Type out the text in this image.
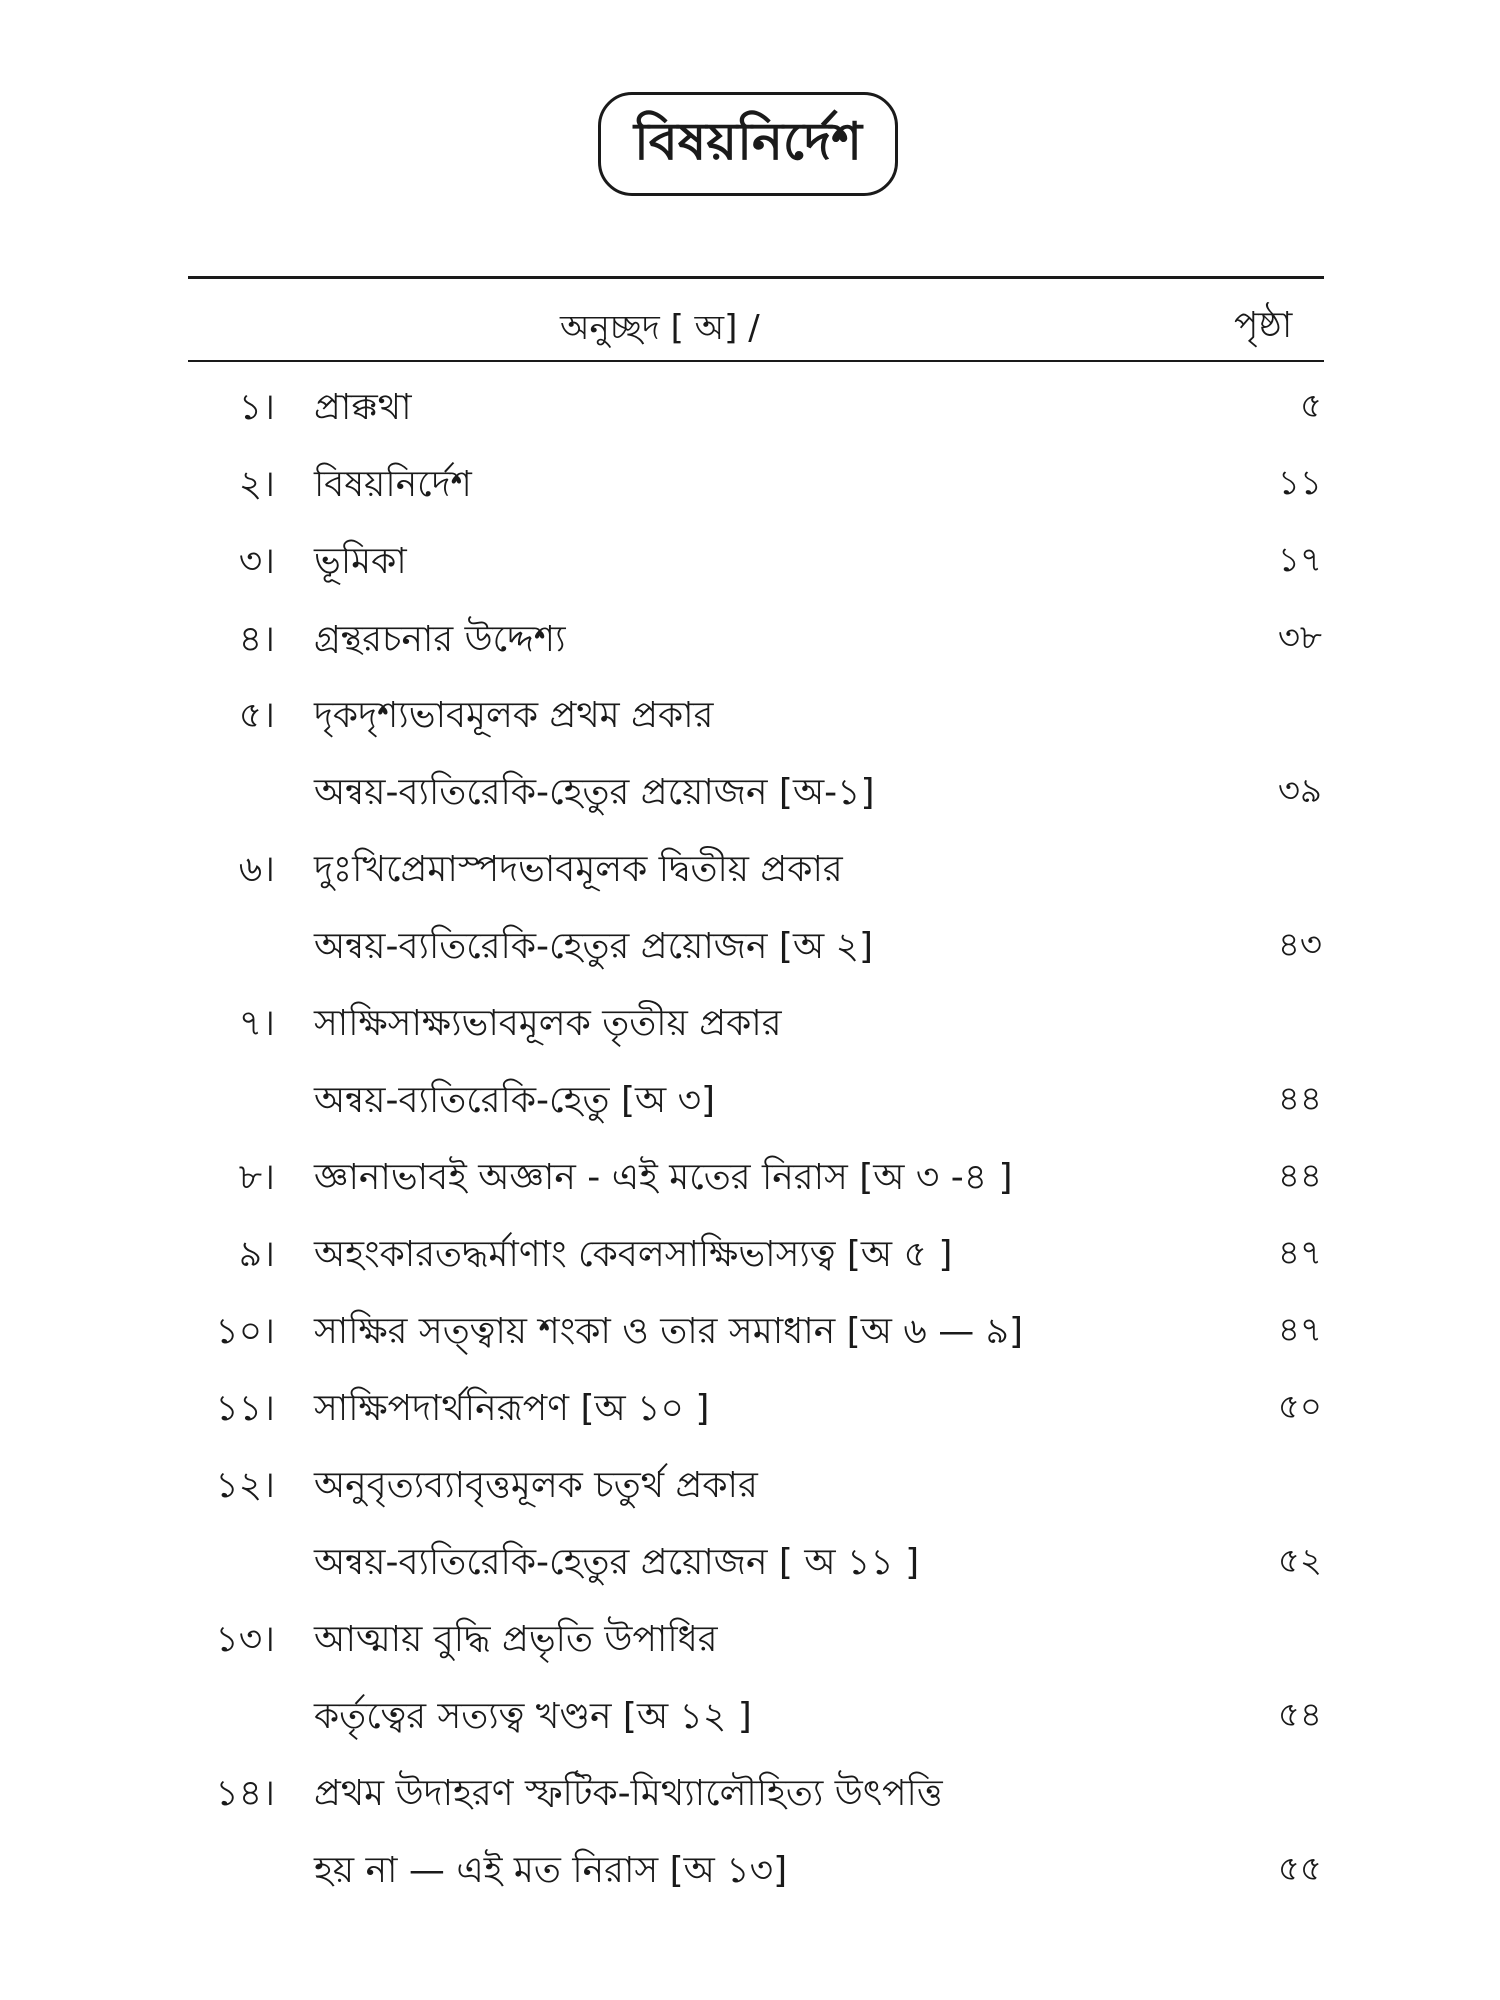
বিষয়নির্দেশ
অনুচ্ছদ [ অ] /	পৃষ্ঠা
১। প্রাক্কথা	৫
২। বিষয়নির্দেশ	১১
৩। ভূমিকা	১৭
৪। গ্রন্থরচনার উদ্দেশ্য	৩৮
৫। দৃকদৃশ্যভাবমূলক প্রথম প্রকার
অন্বয়-ব্যতিরেকি-হেতুর প্রয়োজন [অ-১]	৩৯
৬। দুঃখিপ্রেমাস্পদভাবমূলক দ্বিতীয় প্রকার
অন্বয়-ব্যতিরেকি-হেতুর প্রয়োজন [অ ২]	৪৩
৭। সাক্ষিসাক্ষ্যভাবমূলক তৃতীয় প্রকার
অন্বয়-ব্যতিরেকি-হেতু [অ ৩]	৪৪
৮। জ্ঞানাভাবই অজ্ঞান - এই মতের নিরাস [অ ৩ -৪ ]	৪৪
৯। অহংকারতদ্ধর্মাণাং কেবলসাক্ষিভাস্যত্ব [অ ৫ ]	৪৭
১০। সাক্ষির সত্ত্বায় শংকা ও তার সমাধান [অ ৬ — ৯]	৪৭
১১। সাক্ষিপদার্থনিরূপণ [অ ১০ ]	৫০
১২। অনুবৃত্যব্যাবৃত্তমূলক চতুর্থ প্রকার
অন্বয়-ব্যতিরেকি-হেতুর প্রয়োজন [ অ ১১ ]	৫২
১৩। আত্মায় বুদ্ধি প্রভৃতি উপাধির
কর্তৃত্বের সত্যত্ব খণ্ডন [অ ১২ ]	৫৪
১৪। প্রথম উদাহরণ স্ফটিক-মিথ্যালৌহিত্য উৎপত্তি
হয় না — এই মত নিরাস [অ ১৩]	৫৫
